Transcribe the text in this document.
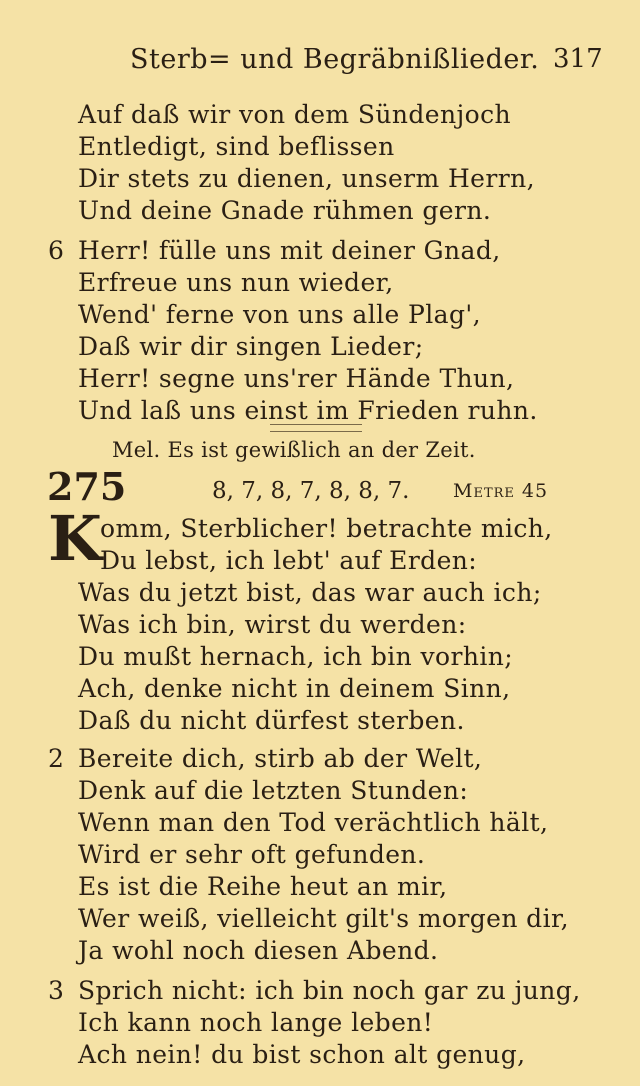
Sterb= und Begräbnißlieder. 317
Auf daß wir von dem Sündenjoch
Entledigt, sind beflissen
Dir stets zu dienen, unserm Herrn,
Und deine Gnade rühmen gern.
6 Herr! fülle uns mit deiner Gnad,
Erfreue uns nun wieder,
Wend' ferne von uns alle Plag',
Daß wir dir singen Lieder;
Herr! segne uns'rer Hände Thun,
Und laß uns einst im Frieden ruhn.
Mel. Es ist gewißlich an der Zeit.
275	8, 7, 8, 7, 8, 8, 7. Metre 45
K
omm, Sterblicher! betrachte mich,
Du lebst, ich lebt' auf Erden:
Was du jetzt bist, das war auch ich;
Was ich bin, wirst du werden:
Du mußt hernach, ich bin vorhin;
Ach, denke nicht in deinem Sinn,
Daß du nicht dürfest sterben.
2 Bereite dich, stirb ab der Welt,
Denk auf die letzten Stunden:
Wenn man den Tod verächtlich hält,
Wird er sehr oft gefunden.
Es ist die Reihe heut an mir,
Wer weiß, vielleicht gilt's morgen dir,
Ja wohl noch diesen Abend.
3 Sprich nicht: ich bin noch gar zu jung,
Ich kann noch lange leben!
Ach nein! du bist schon alt genug,
